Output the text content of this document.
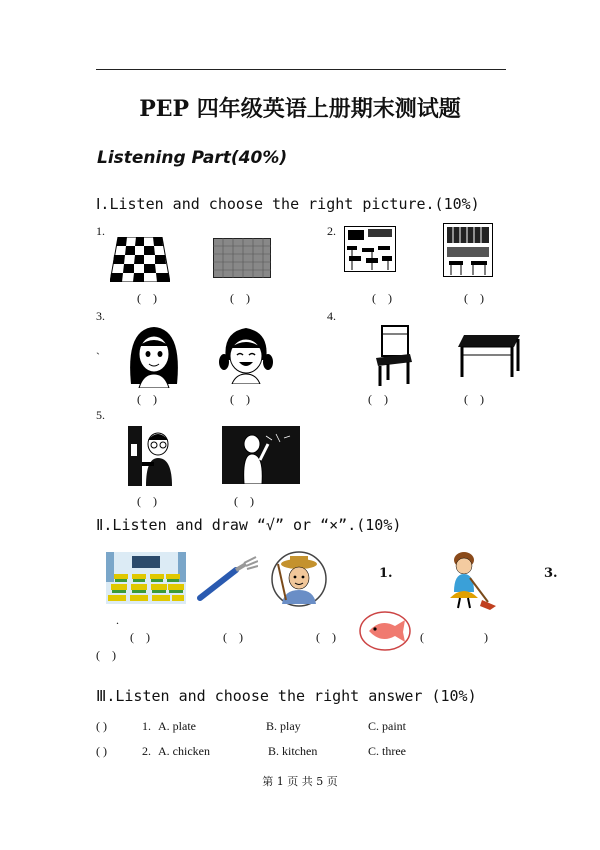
PEP 四年级英语上册期末测试题
Listening Part(40%)
Ⅰ.Listen and choose the right picture.(10%)
1.	2.
3.	4.
`
5.
(    )	(    )	(    )	(    )
(    )	(    )	(    )	(    )
(    )	(    )
Ⅱ.Listen and draw “√” or “×”.(10%)
1.	3.
.
(    )	(    )	(    )	(                    )
(    )
Ⅲ.Listen and choose the right answer (10%)
( )	1. A. plate	B. play	C. paint
( )	2. A. chicken	B. kitchen	C. three
第 1 页 共 5 页
